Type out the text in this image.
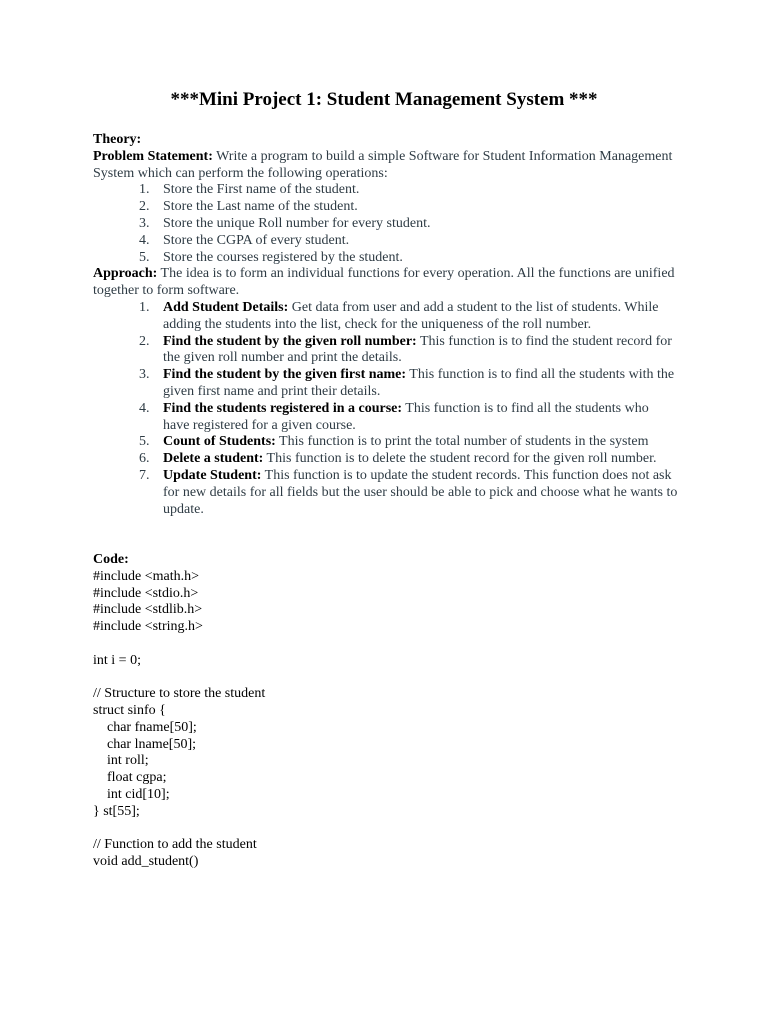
***Mini Project 1: Student Management System ***
Theory:
Problem Statement: Write a program to build a simple Software for Student Information Management System which can perform the following operations:
1. Store the First name of the student.
2. Store the Last name of the student.
3. Store the unique Roll number for every student.
4. Store the CGPA of every student.
5. Store the courses registered by the student.
Approach: The idea is to form an individual functions for every operation. All the functions are unified together to form software.
1. Add Student Details: Get data from user and add a student to the list of students. While adding the students into the list, check for the uniqueness of the roll number.
2. Find the student by the given roll number: This function is to find the student record for the given roll number and print the details.
3. Find the student by the given first name: This function is to find all the students with the given first name and print their details.
4. Find the students registered in a course: This function is to find all the students who have registered for a given course.
5. Count of Students: This function is to print the total number of students in the system
6. Delete a student: This function is to delete the student record for the given roll number.
7. Update Student: This function is to update the student records. This function does not ask for new details for all fields but the user should be able to pick and choose what he wants to update.
Code:
#include <math.h>
#include <stdio.h>
#include <stdlib.h>
#include <string.h>
int i = 0;
// Structure to store the student
struct sinfo {
char fname[50];
char lname[50];
int roll;
float cgpa;
int cid[10];
} st[55];
// Function to add the student
void add_student()
